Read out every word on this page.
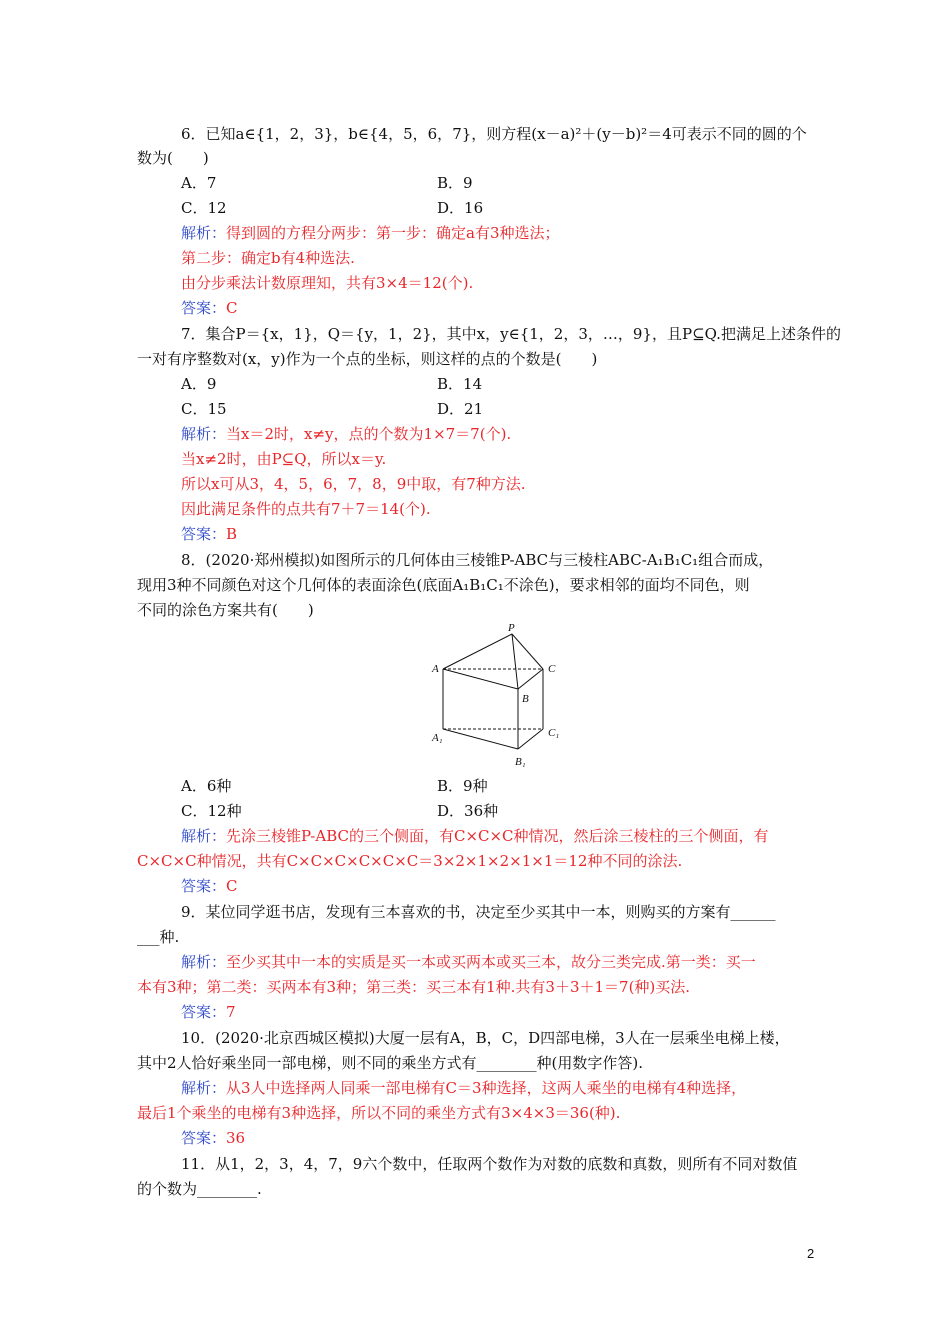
6．已知a∈{1，2，3}，b∈{4，5，6，7}，则方程(x－a)²＋(y－b)²＝4可表示不同的圆的个
数为(　　)
A．7	B．9
C．12	D．16
解析：得到圆的方程分两步：第一步：确定a有3种选法；
第二步：确定b有4种选法.
由分步乘法计数原理知，共有3×4＝12(个).
答案：C
7．集合P＝{x，1}，Q＝{y，1，2}，其中x，y∈{1，2，3，…，9}，且P⊆Q.把满足上述条件的
一对有序整数对(x，y)作为一个点的坐标，则这样的点的个数是(　　)
A．9	B．14
C．15	D．21
解析：当x＝2时，x≠y，点的个数为1×7＝7(个).
当x≠2时，由P⊆Q，所以x＝y.
所以x可从3，4，5，6，7，8，9中取，有7种方法.
因此满足条件的点共有7＋7＝14(个).
答案：B
8．(2020·郑州模拟)如图所示的几何体由三棱锥P-ABC与三棱柱ABC-A₁B₁C₁组合而成，
现用3种不同颜色对这个几何体的表面涂色(底面A₁B₁C₁不涂色)，要求相邻的面均不同色，则
不同的涂色方案共有(　　)
P
A	C
B
A₁	C₁
B₁
A．6种	B．9种
C．12种	D．36种
解析：先涂三棱锥P-ABC的三个侧面，有C×C×C种情况，然后涂三棱柱的三个侧面，有
C×C×C种情况，共有C×C×C×C×C×C＝3×2×1×2×1×1＝12种不同的涂法.
答案：C
9．某位同学逛书店，发现有三本喜欢的书，决定至少买其中一本，则购买的方案有______
___种.
解析：至少买其中一本的实质是买一本或买两本或买三本，故分三类完成.第一类：买一
本有3种；第二类：买两本有3种；第三类：买三本有1种.共有3＋3＋1＝7(种)买法.
答案：7
10．(2020·北京西城区模拟)大厦一层有A，B，C，D四部电梯，3人在一层乘坐电梯上楼，
其中2人恰好乘坐同一部电梯，则不同的乘坐方式有________种(用数字作答).
解析：从3人中选择两人同乘一部电梯有C＝3种选择，这两人乘坐的电梯有4种选择，
最后1个乘坐的电梯有3种选择，所以不同的乘坐方式有3×4×3＝36(种).
答案：36
11．从1，2，3，4，7，9六个数中，任取两个数作为对数的底数和真数，则所有不同对数值
的个数为________.
2
